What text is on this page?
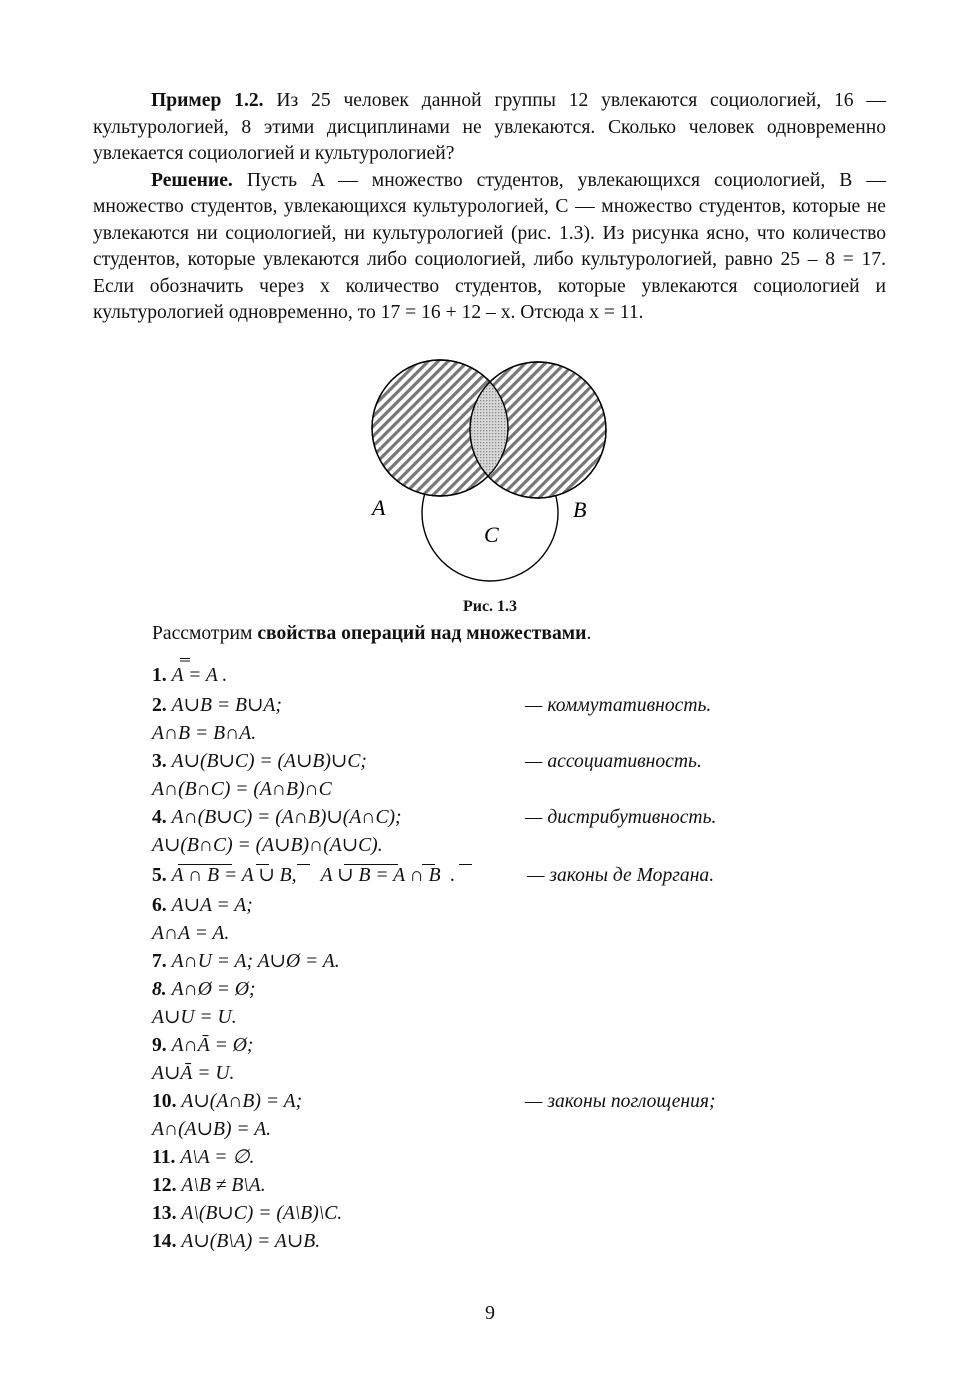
Пример 1.2. Из 25 человек данной группы 12 увлекаются социологией, 16 — культурологией, 8 этими дисциплинами не увлекаются. Сколько человек одновременно увлекается социологией и культурологией?

Решение. Пусть A — множество студентов, увлекающихся социологией, B — множество студентов, увлекающихся культурологией, C — множество студентов, которые не увлекаются ни социологией, ни культурологией (рис. 1.3). Из рисунка ясно, что количество студентов, которые увлекаются либо социологией, либо культурологией, равно 25 – 8 = 17. Если обозначить через x количество студентов, которые увлекаются социологией и культурологией одновременно, то 17 = 16 + 12 – x. Отсюда x = 11.

A	B
C
Рис. 1.3
Рассмотрим свойства операций над множествами.
1. A = A .
═
2. A∪B = B∪A;	— коммутативность.
A∩B = B∩A.
3. A∪(B∪C) = (A∪B)∪C;	— ассоциативность.
A∩(B∩C) = (A∩B)∩C
4. A∩(B∪C) = (A∩B)∪(A∩C);	— дистрибутивность.
A∪(B∩C) = (A∪B)∩(A∪C).
5. A ∩ B = A ∪ B,     A ∪ B = A ∩ B  .	— законы де Моргана.
6. A∪A = A;
A∩A = A.
7. A∩U = A; A∪Ø = A.
8. A∩Ø = Ø;
A∪U = U.
9. A∩Ā = Ø;
A∪Ā = U.
10. A∪(A∩B) = A;	— законы поглощения;
A∩(A∪B) = A.
11. A\A = ∅.
12. A\B ≠ B\A.
13. A\(B∪C) = (A\B)\C.
14. A∪(B\A) = A∪B.
9
